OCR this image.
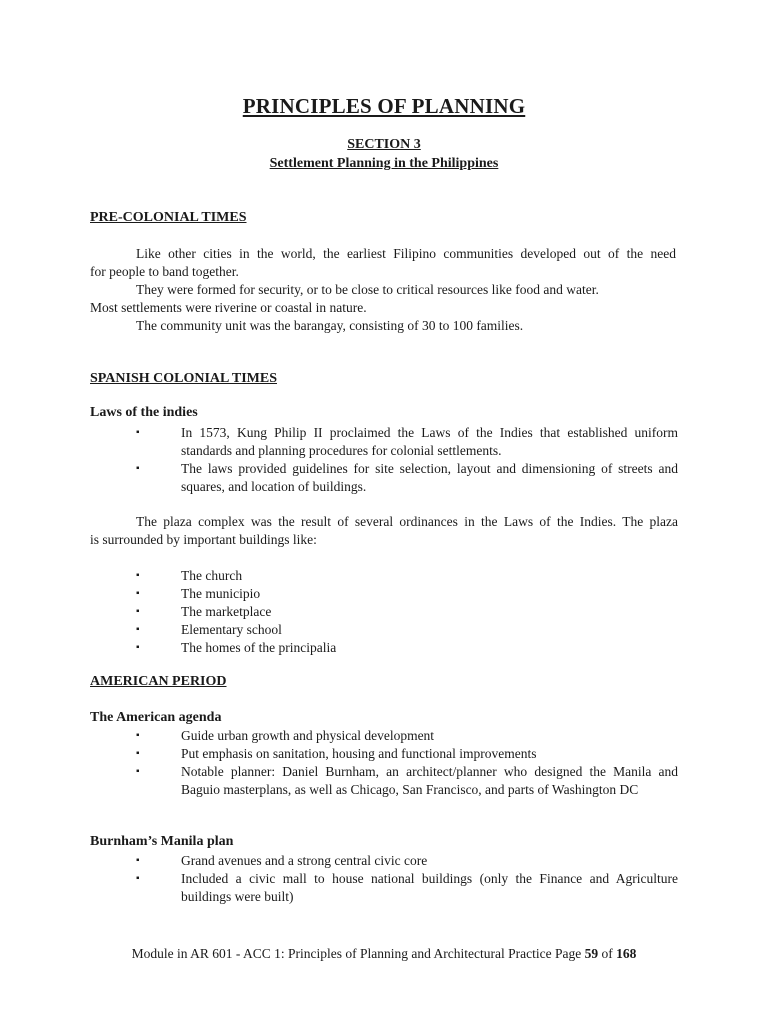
PRINCIPLES OF PLANNING
SECTION 3
Settlement Planning in the Philippines
PRE-COLONIAL TIMES
Like other cities in the world, the earliest Filipino communities developed out of the need
for people to band together.
They were formed for security, or to be close to critical resources like food and water.
Most settlements were riverine or coastal in nature.
The community unit was the barangay, consisting of 30 to 100 families.
SPANISH COLONIAL TIMES
Laws of the indies
▪	In 1573, Kung Philip II proclaimed the Laws of the Indies that established uniform standards and planning procedures for colonial settlements.
▪	The laws provided guidelines for site selection, layout and dimensioning of streets and squares, and location of buildings.
The plaza complex was the result of several ordinances in the Laws of the Indies. The plaza
is surrounded by important buildings like:
▪	The church
▪	The municipio
▪	The marketplace
▪	Elementary school
▪	The homes of the principalia
AMERICAN PERIOD
The American agenda
▪	Guide urban growth and physical development
▪	Put emphasis on sanitation, housing and functional improvements
▪	Notable planner: Daniel Burnham, an architect/planner who designed the Manila and Baguio masterplans, as well as Chicago, San Francisco, and parts of Washington DC
Burnham’s Manila plan
▪	Grand avenues and a strong central civic core
▪	Included a civic mall to house national buildings (only the Finance and Agriculture buildings were built)
Module in AR 601 - ACC 1: Principles of Planning and Architectural Practice Page 59 of 168
